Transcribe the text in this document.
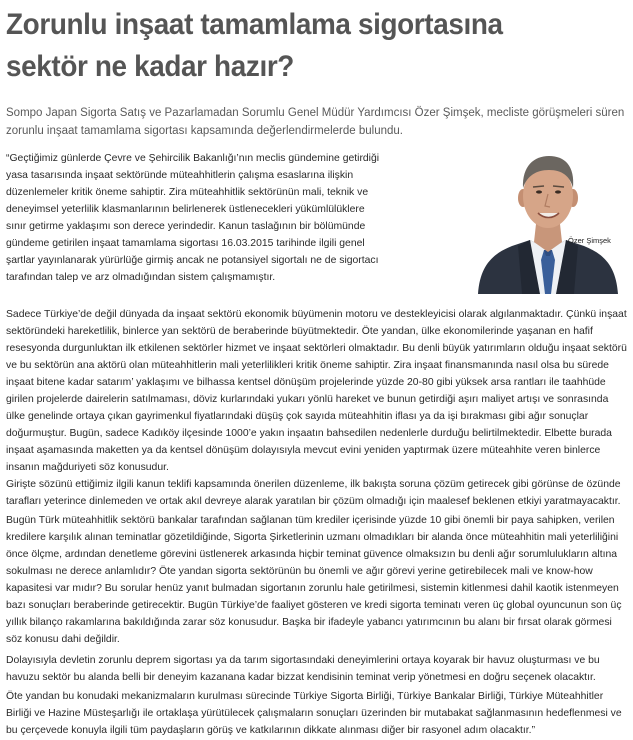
Zorunlu inşaat tamamlama sigortasına sektör ne kadar hazır?

Sompo Japan Sigorta Satış ve Pazarlamadan Sorumlu Genel Müdür Yardımcısı Özer Şimşek, mecliste görüşmeleri süren zorunlu inşaat tamamlama sigortası kapsamında değerlendirmelerde bulundu.

Özer Şimşek

“Geçtiğimiz günlerde Çevre ve Şehircilik Bakanlığı’nın meclis gündemine getirdiği yasa tasarısında inşaat sektöründe müteahhitlerin çalışma esaslarına ilişkin düzenlemeler kritik öneme sahiptir. Zira müteahhitlik sektörünün mali, teknik ve deneyimsel yeterlilik klasmanlarının belirlenerek üstlenecekleri yükümlülüklere sınır getirme yaklaşımı son derece yerindedir. Kanun taslağının bir bölümünde gündeme getirilen inşaat tamamlama sigortası 16.03.2015 tarihinde ilgili genel şartlar yayınlanarak yürürlüğe girmiş ancak ne potansiyel sigortalı ne de sigortacı tarafından talep ve arz olmadığından sistem çalışmamıştır.

Sadece Türkiye’de değil dünyada da inşaat sektörü ekonomik büyümenin motoru ve destekleyicisi olarak algılanmaktadır. Çünkü inşaat sektöründeki hareketlilik, binlerce yan sektörü de beraberinde büyütmektedir. Öte yandan, ülke ekonomilerinde yaşanan en hafif resesyonda durgunluktan ilk etkilenen sektörler hizmet ve inşaat sektörleri olmaktadır. Bu denli büyük yatırımların olduğu inşaat sektörü ve bu sektörün ana aktörü olan müteahhitlerin mali yeterlilikleri kritik öneme sahiptir. Zira inşaat finansmanında nasıl olsa bu sürede inşaat bitene kadar satarım’ yaklaşımı ve bilhassa kentsel dönüşüm projelerinde yüzde 20-80 gibi yüksek arsa rantları ile taahhüde girilen projelerde dairelerin satılmaması, döviz kurlarındaki yukarı yönlü hareket ve bunun getirdiği aşırı maliyet artışı ve sonrasında ülke genelinde ortaya çıkan gayrimenkul fiyatlarındaki düşüş çok sayıda müteahhitin iflası ya da işi bırakması gibi ağır sonuçlar doğurmuştur. Bugün, sadece Kadıköy ilçesinde 1000’e yakın inşaatın bahsedilen nedenlerle durduğu belirtilmektedir. Elbette burada inşaat aşamasında maketten ya da kentsel dönüşüm dolayısıyla mevcut evini yeniden yaptırmak üzere müteahhite veren binlerce insanın mağduriyeti söz konusudur.

Girişte sözünü ettiğimiz ilgili kanun teklifi kapsamında önerilen düzenleme, ilk bakışta soruna çözüm getirecek gibi görünse de özünde tarafları yeterince dinlemeden ve ortak akıl devreye alarak yaratılan bir çözüm olmadığı için maalesef beklenen etkiyi yaratmayacaktır.

Bugün Türk müteahhitlik sektörü bankalar tarafından sağlanan tüm krediler içerisinde yüzde 10 gibi önemli bir paya sahipken, verilen kredilere karşılık alınan teminatlar gözetildiğinde, Sigorta Şirketlerinin uzmanı olmadıkları bir alanda önce müteahhitin mali yeterliliğini önce ölçme, ardından denetleme görevini üstlenerek arkasında hiçbir teminat güvence olmaksızın bu denli ağır sorumlulukların altına sokulması ne derece anlamlıdır? Öte yandan sigorta sektörünün bu önemli ve ağır görevi yerine getirebilecek mali ve know-how kapasitesi var mıdır? Bu sorular henüz yanıt bulmadan sigortanın zorunlu hale getirilmesi, sistemin kitlenmesi dahil kaotik istenmeyen bazı sonuçları beraberinde getirecektir. Bugün Türkiye’de faaliyet gösteren ve kredi sigorta teminatı veren üç global oyuncunun son üç yıllık bilanço rakamlarına bakıldığında zarar söz konusudur. Başka bir ifadeyle yabancı yatırımcının bu alanı bir fırsat olarak görmesi söz konusu dahi değildir.

Dolayısıyla devletin zorunlu deprem sigortası ya da tarım sigortasındaki deneyimlerini ortaya koyarak bir havuz oluşturması ve bu havuzu sektör bu alanda belli bir deneyim kazanana kadar bizzat kendisinin teminat verip yönetmesi en doğru seçenek olacaktır.

Öte yandan bu konudaki mekanizmaların kurulması sürecinde Türkiye Sigorta Birliği, Türkiye Bankalar Birliği, Türkiye Müteahhitler Birliği ve Hazine Müsteşarlığı ile ortaklaşa yürütülecek çalışmaların sonuçları üzerinden bir mutabakat sağlanmasının hedeflenmesi ve bu çerçevede konuyla ilgili tüm paydaşların görüş ve katkılarının dikkate alınması diğer bir rasyonel adım olacaktır.”
